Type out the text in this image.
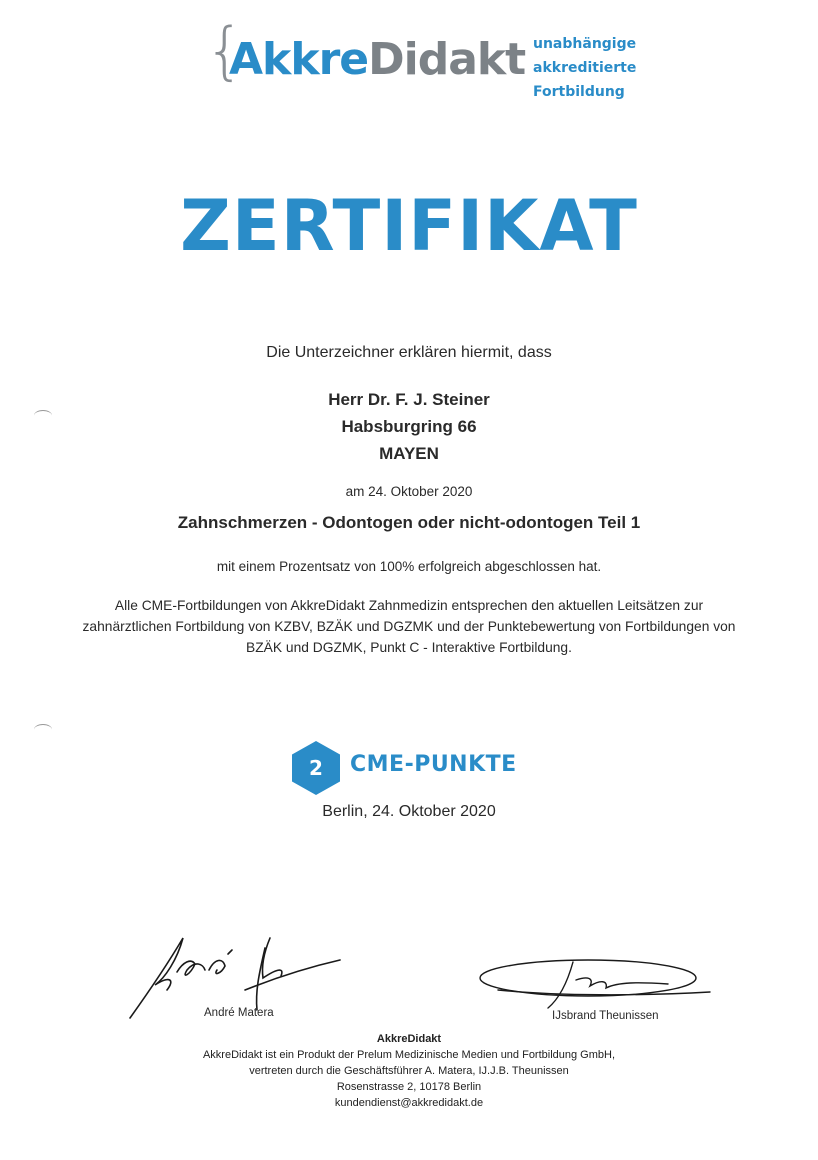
{
AkkreDidakt unabhängige
akkreditierte
Fortbildung
ZERTIFIKAT
Die Unterzeichner erklären hiermit, dass
Herr Dr. F. J. Steiner
Habsburgring 66
MAYEN
am 24. Oktober 2020
Zahnschmerzen - Odontogen oder nicht-odontogen Teil 1
mit einem Prozentsatz von 100% erfolgreich abgeschlossen hat.
Alle CME-Fortbildungen von AkkreDidakt Zahnmedizin entsprechen den aktuellen Leitsätzen zur zahnärztlichen Fortbildung von KZBV, BZÄK und DGZMK und der Punktebewertung von Fortbildungen von BZÄK und DGZMK, Punkt C - Interaktive Fortbildung.
2	CME-PUNKTE
Berlin, 24. Oktober 2020
André Matera	IJsbrand Theunissen
AkkreDidakt
AkkreDidakt ist ein Produkt der Prelum Medizinische Medien und Fortbildung GmbH,
vertreten durch die Geschäftsführer A. Matera, IJ.J.B. Theunissen
Rosenstrasse 2, 10178 Berlin
kundendienst@akkredidakt.de
